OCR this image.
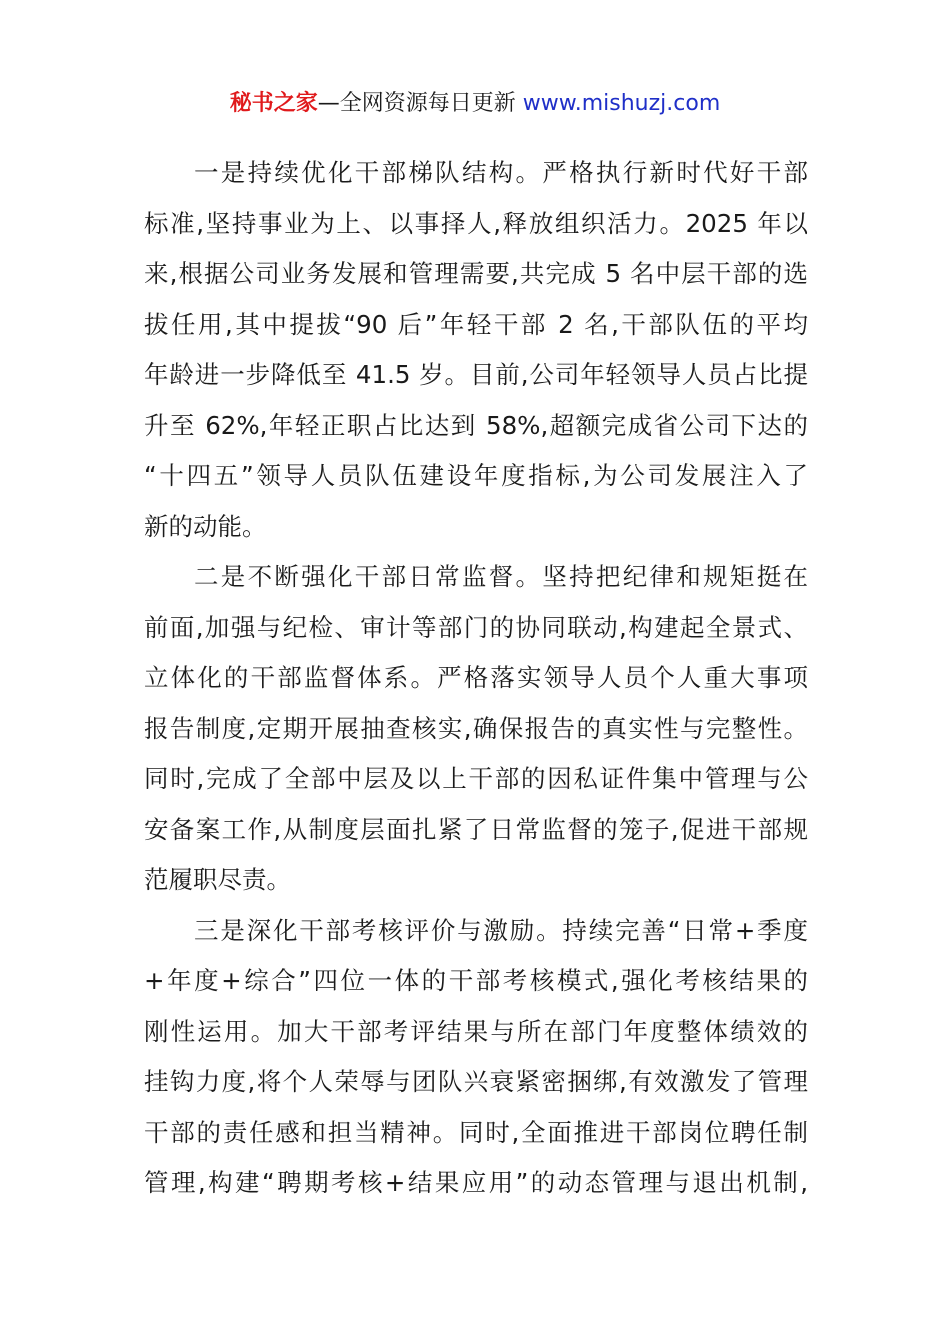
秘书之家—全网资源每日更新 www.mishuzj.com
一是持续优化干部梯队结构。严格执行新时代好干部
标准,坚持事业为上、以事择人,释放组织活力。2025 年以
来,根据公司业务发展和管理需要,共完成 5 名中层干部的选
拔任用,其中提拔“90 后”年轻干部 2 名,干部队伍的平均
年龄进一步降低至 41.5 岁。目前,公司年轻领导人员占比提
升至 62%,年轻正职占比达到 58%,超额完成省公司下达的
“十四五”领导人员队伍建设年度指标,为公司发展注入了
新的动能。
二是不断强化干部日常监督。坚持把纪律和规矩挺在
前面,加强与纪检、审计等部门的协同联动,构建起全景式、
立体化的干部监督体系。严格落实领导人员个人重大事项
报告制度,定期开展抽查核实,确保报告的真实性与完整性。
同时,完成了全部中层及以上干部的因私证件集中管理与公
安备案工作,从制度层面扎紧了日常监督的笼子,促进干部规
范履职尽责。
三是深化干部考核评价与激励。持续完善“日常+季度
+年度+综合”四位一体的干部考核模式,强化考核结果的
刚性运用。加大干部考评结果与所在部门年度整体绩效的
挂钩力度,将个人荣辱与团队兴衰紧密捆绑,有效激发了管理
干部的责任感和担当精神。同时,全面推进干部岗位聘任制
管理,构建“聘期考核+结果应用”的动态管理与退出机制,
